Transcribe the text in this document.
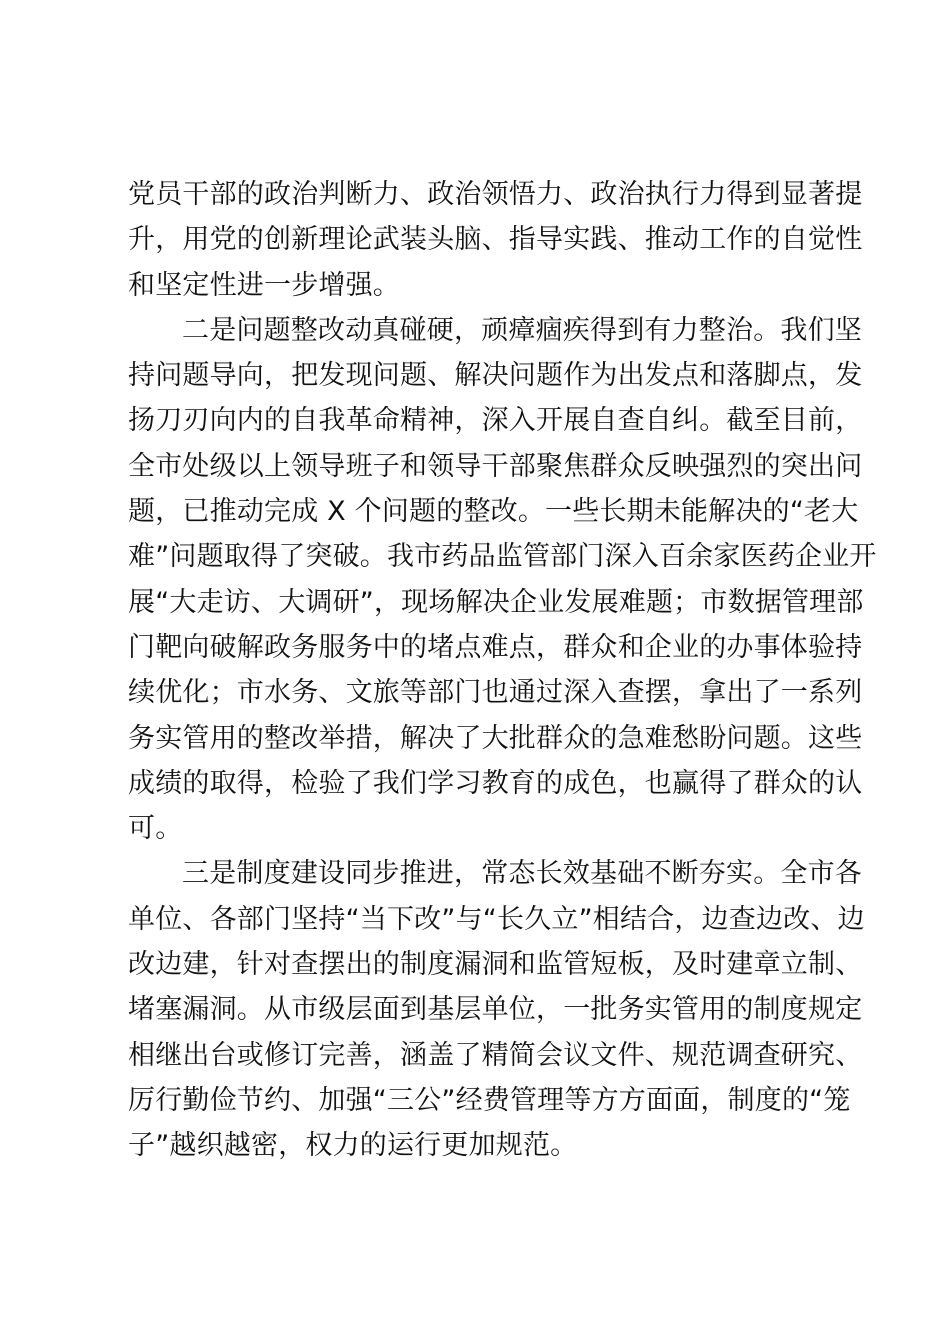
党员干部的政治判断力、政治领悟力、政治执行力得到显著提
升，用党的创新理论武装头脑、指导实践、推动工作的自觉性
和坚定性进一步增强。
二是问题整改动真碰硬，顽瘴痼疾得到有力整治。我们坚
持问题导向，把发现问题、解决问题作为出发点和落脚点，发
扬刀刃向内的自我革命精神，深入开展自查自纠。截至目前，
全市处级以上领导班子和领导干部聚焦群众反映强烈的突出问
题，已推动完成 X 个问题的整改。一些长期未能解决的“老大
难”问题取得了突破。我市药品监管部门深入百余家医药企业开
展“大走访、大调研”，现场解决企业发展难题；市数据管理部
门靶向破解政务服务中的堵点难点，群众和企业的办事体验持
续优化；市水务、文旅等部门也通过深入查摆，拿出了一系列
务实管用的整改举措，解决了大批群众的急难愁盼问题。这些
成绩的取得，检验了我们学习教育的成色，也赢得了群众的认
可。
三是制度建设同步推进，常态长效基础不断夯实。全市各
单位、各部门坚持“当下改”与“长久立”相结合，边查边改、边
改边建，针对查摆出的制度漏洞和监管短板，及时建章立制、
堵塞漏洞。从市级层面到基层单位，一批务实管用的制度规定
相继出台或修订完善，涵盖了精简会议文件、规范调查研究、
厉行勤俭节约、加强“三公”经费管理等方方面面，制度的“笼
子”越织越密，权力的运行更加规范。
